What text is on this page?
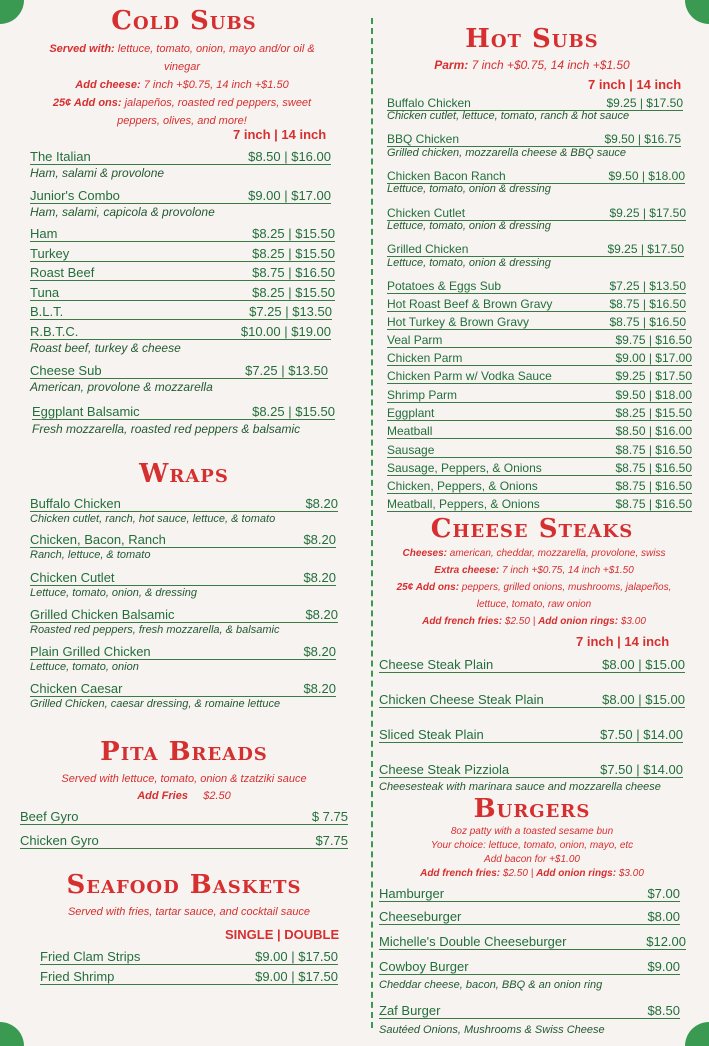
Cold Subs
Served with: lettuce, tomato, onion, mayo and/or oil &
vinegar
Add cheese: 7 inch +$0.75, 14 inch +$1.50
25¢ Add ons: jalapeños, roasted red peppers, sweet
peppers, olives, and more!
7 inch | 14 inch
The Italian	$8.50 | $16.00
Ham, salami & provolone
Junior's Combo	$9.00 | $17.00
Ham, salami, capicola & provolone
Ham	$8.25 | $15.50
Turkey	$8.25 | $15.50
Roast Beef	$8.75 | $16.50
Tuna	$8.25 | $15.50
B.L.T.	$7.25 | $13.50
R.B.T.C.	$10.00 | $19.00
Roast beef, turkey & cheese
Cheese Sub	$7.25 | $13.50
American, provolone & mozzarella
Eggplant Balsamic	$8.25 | $15.50
Fresh mozzarella, roasted red peppers & balsamic
Wraps
Buffalo Chicken	$8.20
Chicken cutlet, ranch, hot sauce, lettuce, & tomato
Chicken, Bacon, Ranch	$8.20
Ranch, lettuce, & tomato
Chicken Cutlet	$8.20
Lettuce, tomato, onion, & dressing
Grilled Chicken Balsamic	$8.20
Roasted red peppers, fresh mozzarella, & balsamic
Plain Grilled Chicken	$8.20
Lettuce, tomato, onion
Chicken Caesar	$8.20
Grilled Chicken, caesar dressing, & romaine lettuce
Pita Breads
Served with lettuce, tomato, onion & tzatziki sauce
Add Fries $2.50
Beef Gyro	$ 7.75
Chicken Gyro	$7.75
Seafood Baskets
Served with fries, tartar sauce, and cocktail sauce
SINGLE | DOUBLE
Fried Clam Strips	$9.00 | $17.50
Fried Shrimp	$9.00 | $17.50
Hot Subs
Parm: 7 inch +$0.75, 14 inch +$1.50
7 inch | 14 inch
Buffalo Chicken	$9.25 | $17.50
Chicken cutlet, lettuce, tomato, ranch & hot sauce
BBQ Chicken	$9.50 | $16.75
Grilled chicken, mozzarella cheese & BBQ sauce
Chicken Bacon Ranch	$9.50 | $18.00
Lettuce, tomato, onion & dressing
Chicken Cutlet	$9.25 | $17.50
Lettuce, tomato, onion & dressing
Grilled Chicken	$9.25 | $17.50
Lettuce, tomato, onion & dressing
Potatoes & Eggs Sub	$7.25 | $13.50
Hot Roast Beef & Brown Gravy	$8.75 | $16.50
Hot Turkey & Brown Gravy	$8.75 | $16.50
Veal Parm	$9.75 | $16.50
Chicken Parm	$9.00 | $17.00
Chicken Parm w/ Vodka Sauce	$9.25 | $17.50
Shrimp Parm	$9.50 | $18.00
Eggplant	$8.25 | $15.50
Meatball	$8.50 | $16.00
Sausage	$8.75 | $16.50
Sausage, Peppers, & Onions	$8.75 | $16.50
Chicken, Peppers, & Onions	$8.75 | $16.50
Meatball, Peppers, & Onions	$8.75 | $16.50
Cheese Steaks
Cheeses: american, cheddar, mozzarella, provolone, swiss
Extra cheese: 7 inch +$0.75, 14 inch +$1.50
25¢ Add ons: peppers, grilled onions, mushrooms, jalapeños,
lettuce, tomato, raw onion
Add french fries: $2.50 | Add onion rings: $3.00
7 inch | 14 inch
Cheese Steak Plain	$8.00 | $15.00
Chicken Cheese Steak Plain	$8.00 | $15.00
Sliced Steak Plain	$7.50 | $14.00
Cheese Steak Pizziola	$7.50 | $14.00
Cheesesteak with marinara sauce and mozzarella cheese
Burgers
8oz patty with a toasted sesame bun
Your choice: lettuce, tomato, onion, mayo, etc
Add bacon for +$1.00
Add french fries: $2.50 | Add onion rings: $3.00
Hamburger	$7.00
Cheeseburger	$8.00
Michelle's Double Cheeseburger	$12.00
Cowboy Burger	$9.00
Cheddar cheese, bacon, BBQ & an onion ring
Zaf Burger	$8.50
Sautéed Onions, Mushrooms & Swiss Cheese
